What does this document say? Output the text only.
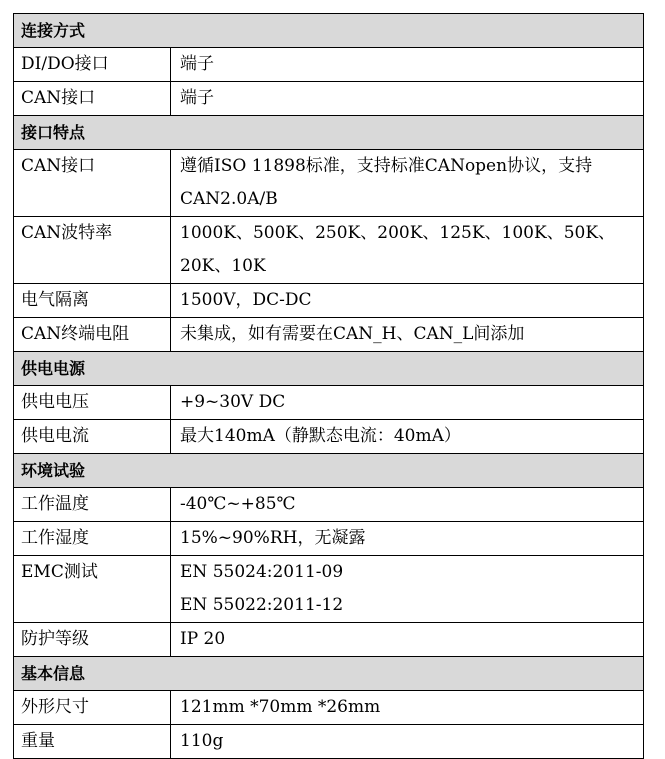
连接方式	
DI/DO接口	端子

CAN接口	端子

接口特点	
CAN接口	遵循ISO 11898标准，支持标准CANopen协议，支持
CAN2.0A/B

CAN波特率	1000K、500K、250K、200K、125K、100K、50K、
20K、10K

电气隔离	1500V，DC-DC

CAN终端电阻	未集成，如有需要在CAN_H、CAN_L间添加

供电电源	
供电电压	+9~30V DC

供电电流	最大140mA（静默态电流：40mA）

环境试验	
工作温度	-40℃~+85℃

工作湿度	15%~90%RH，无凝露

EMC测试	EN 55024:2011-09
EN 55022:2011-12

防护等级	IP 20

基本信息	
外形尺寸	121mm *70mm *26mm

重量	110g
